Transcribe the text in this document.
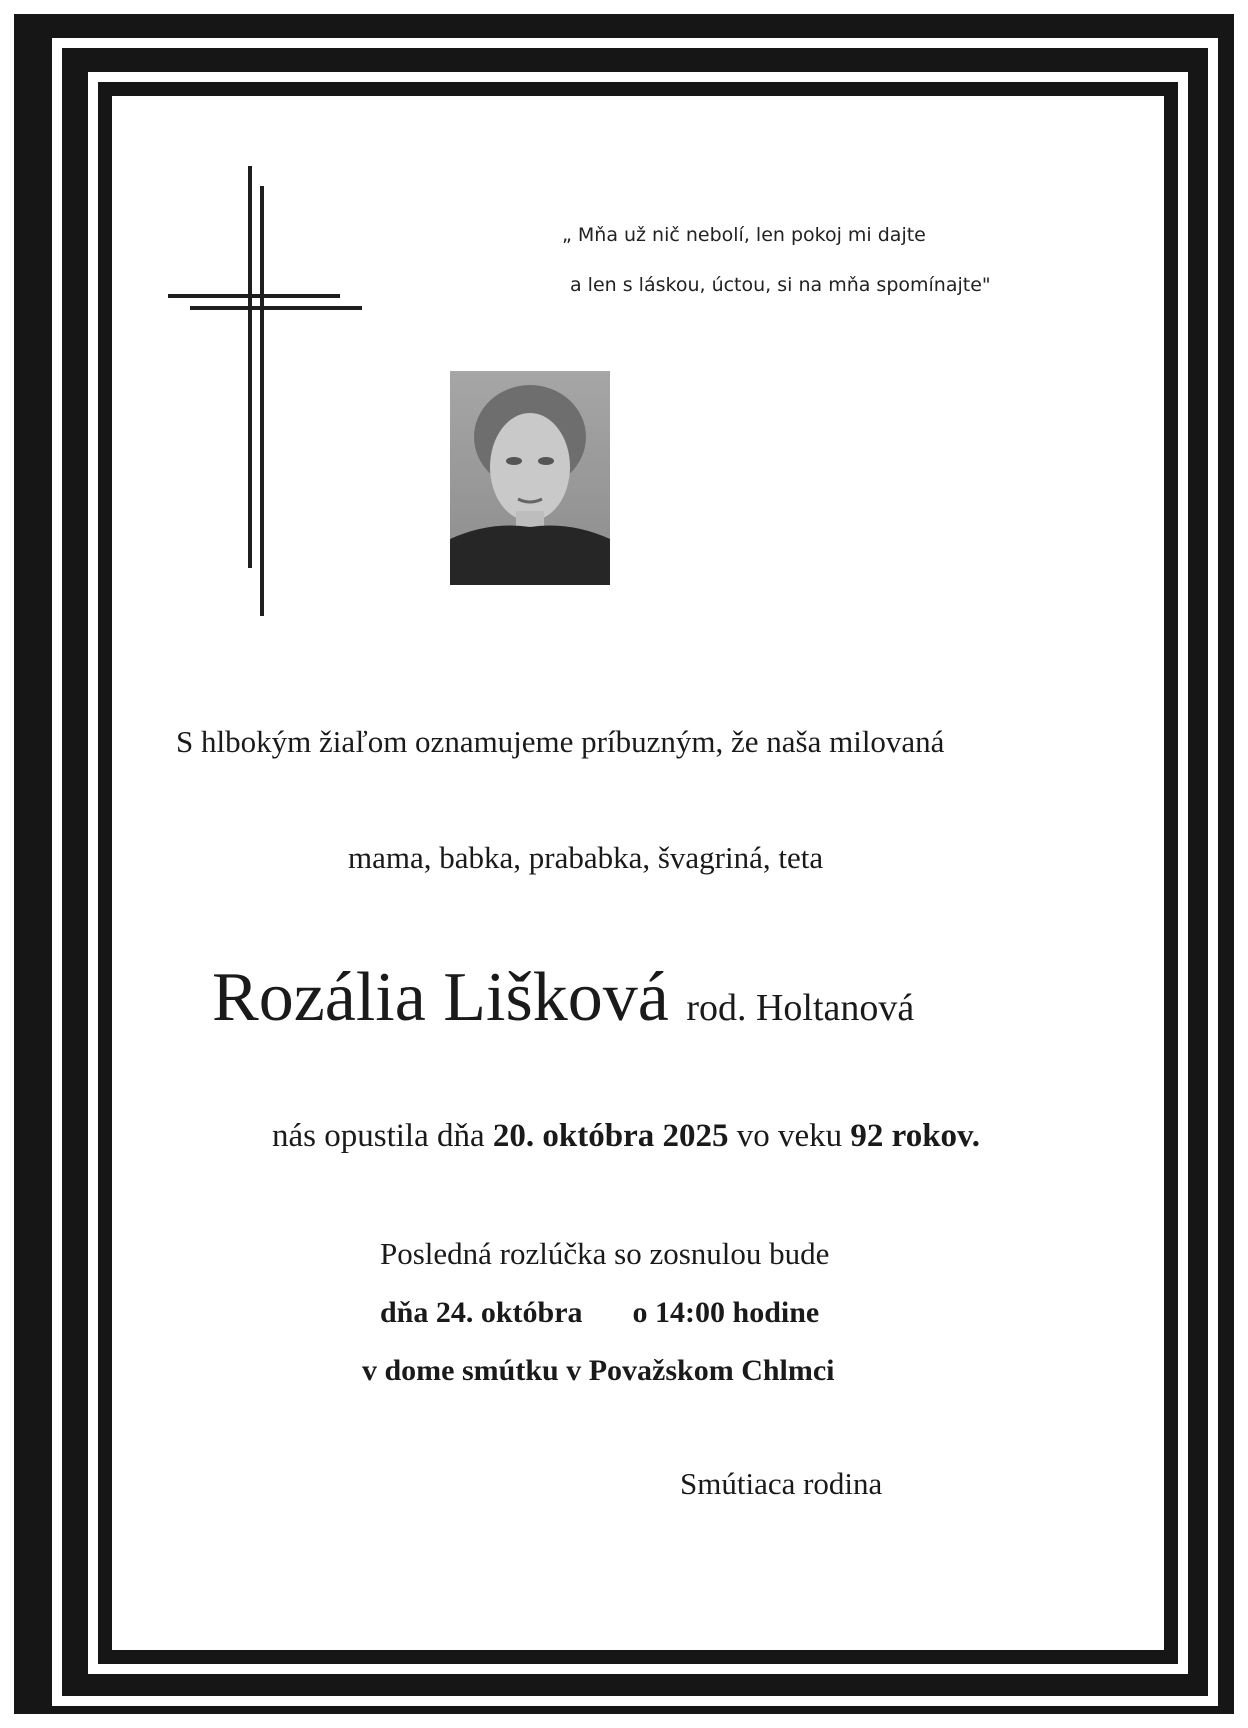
„ Mňa už nič nebolí, len pokoj mi dajte
a len s láskou, úctou, si na mňa spomínajte"
S hlbokým žiaľom oznamujeme príbuzným, že naša milovaná
mama, babka, prababka, švagriná, teta
Rozália Lišková rod. Holtanová
nás opustila dňa 20. októbra 2025 vo veku 92 rokov.
Posledná rozlúčka so zosnulou bude
dňa 24. októbra o 14:00 hodine
v dome smútku v Považskom Chlmci
Smútiaca rodina
